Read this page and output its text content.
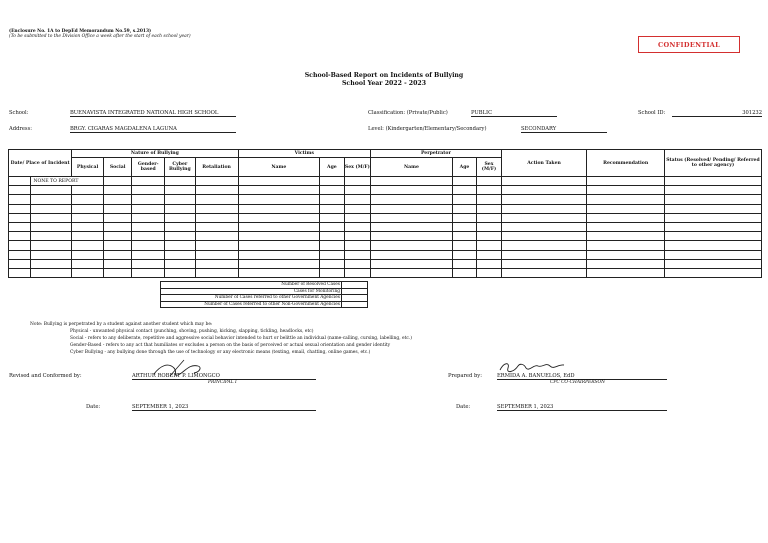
(Enclosure No. 1A to DepEd Memorandum No.59, s.2013)
(To be submitted to the Division Office a week after the start of each school year)
CONFIDENTIAL
School-Based Report on Incidents of Bullying
School Year 2022 - 2023
School:	BUENAVISTA INTEGRATED NATIONAL HIGH SCHOOL	Classification: (Private/Public)	PUBLIC	School ID:	301232
Address:	BRGY. CIGARAS MAGDALENA LAGUNA	Level: (Kindergarten/Elementary/Secondary)	SECONDARY
Date/ Place of Incident		Nature of Bullying					Victims			Perpetrator			Action Taken	Recommendation	Status (Resolved/ Pending/ Referred to other agency)
		Physical	Social	Gender-based	Cyber Bullying	Retaliation	Name	Age	Sex (M/F)	Name	Age	Sex (M/F)			
	NONE TO REPORT														

Number of Resolved Cases	
Cases for Monitoring	
Number of Cases referred to other Government Agencies	
Number of Cases referred to other Non-Government Agencies	
Note: Bullying is perpetrated by a student against another student which may be:
Physical - unwanted physical contact (punching, shoving, pushing, kicking, slapping, tickling, headlocks, etc)
Social - refers to any deliberate, repetitive and aggressive social behavior intended to hurt or belittle an individual (name-calling, cursing, labelling, etc.)
Gender-Based - refers to any act that humiliates or excludes a person on the basis of perceived or actual sexual orientation and gender identity
Cyber Bullying - any bullying done through the use of technology or any electronic means (texting, email, chatting, online games, etc.)
Revised and Conformed by:	ARTHUR ROBERT P. LIMONGCO
PRINCIPAL I
Prepared by:	ERMIDA A. BANUELOS, EdD
CPC CO-CHAIRPERSON
Date:	SEPTEMBER 1, 2023	Date:	SEPTEMBER 1, 2023
